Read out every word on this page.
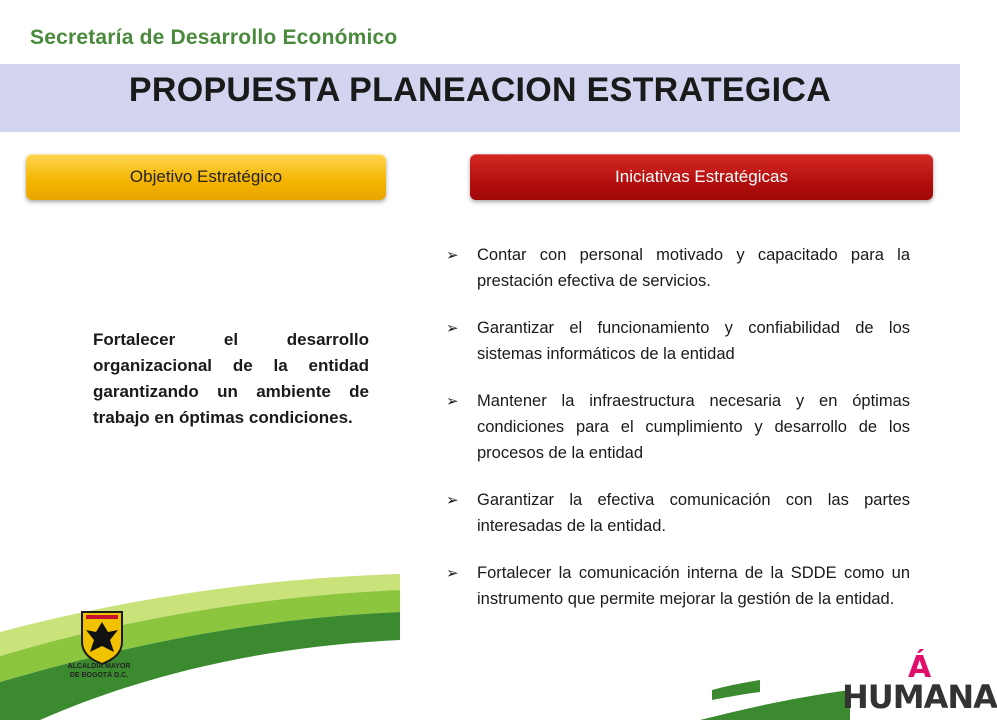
Secretaría de Desarrollo Económico
PROPUESTA PLANEACION ESTRATEGICA
Objetivo Estratégico	Iniciativas Estratégicas
Fortalecer el desarrollo organizacional de la entidad garantizando un ambiente de trabajo en óptimas condiciones.
➢ Contar con personal motivado y capacitado para la prestación efectiva de servicios.
➢ Garantizar el funcionamiento y confiabilidad de los sistemas informáticos de la entidad
➢ Mantener la infraestructura necesaria y en óptimas condiciones para el cumplimiento y desarrollo de los procesos de la entidad
➢ Garantizar la efectiva comunicación con las partes interesadas de la entidad.
➢ Fortalecer la comunicación interna de la SDDE como un instrumento que permite mejorar la gestión de la entidad.
ALCALDÍA MAYOR
DE BOGOTÁ D.C.	Á
HUMANA
